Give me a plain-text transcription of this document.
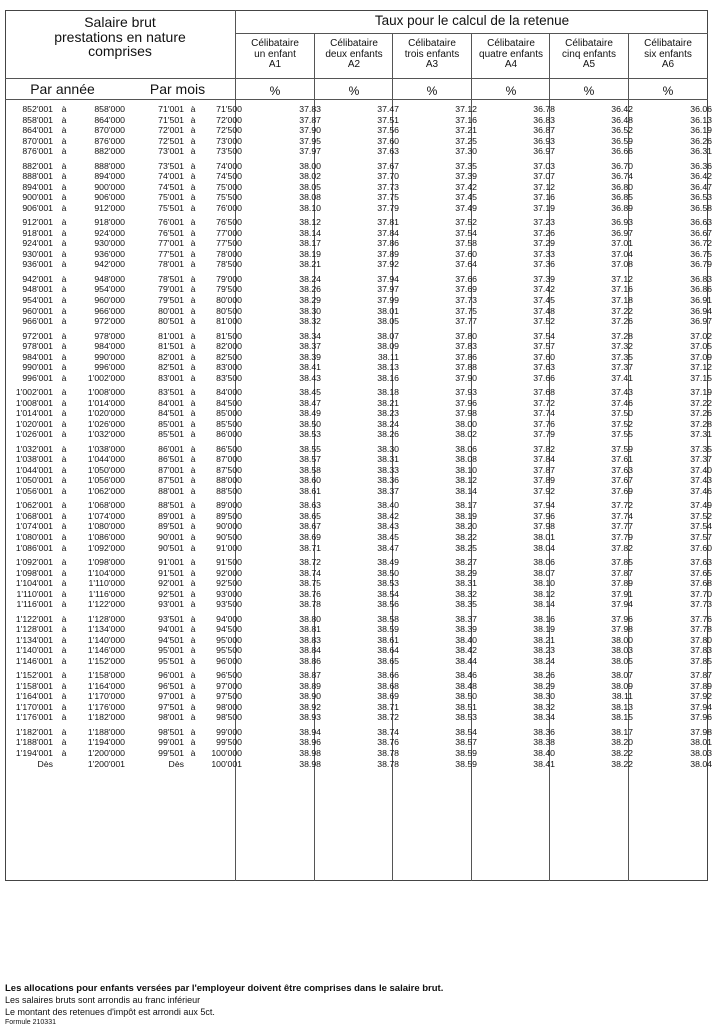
Salaire brut
prestations en nature
comprises
Taux pour le calcul de la retenue
Par année	Par mois
Célibataire
un enfant
A1
%
Célibataire
deux enfants
A2
%
Célibataire
trois enfants
A3
%
Célibataire
quatre enfants
A4
%
Célibataire
cinq enfants
A5
%
Célibataire
six enfants
A6
%
852'001	à	858'000		71'001	à	71'500		37.83	37.47	37.12	36.78	36.42	36.06
858'001	à	864'000		71'501	à	72'000		37.87	37.51	37.16	36.83	36.48	36.13
864'001	à	870'000		72'001	à	72'500		37.90	37.56	37.21	36.87	36.52	36.19
870'001	à	876'000		72'501	à	73'000		37.95	37.60	37.25	36.93	36.59	36.26
876'001	à	882'000		73'001	à	73'500		37.97	37.63	37.30	36.97	36.66	36.31

882'001	à	888'000		73'501	à	74'000		38.00	37.67	37.35	37.03	36.70	36.36
888'001	à	894'000		74'001	à	74'500		38.02	37.70	37.39	37.07	36.74	36.42
894'001	à	900'000		74'501	à	75'000		38.05	37.73	37.42	37.12	36.80	36.47
900'001	à	906'000		75'001	à	75'500		38.08	37.75	37.45	37.16	36.85	36.53
906'001	à	912'000		75'501	à	76'000		38.10	37.79	37.49	37.19	36.89	36.58

912'001	à	918'000		76'001	à	76'500		38.12	37.81	37.52	37.23	36.93	36.63
918'001	à	924'000		76'501	à	77'000		38.14	37.84	37.54	37.26	36.97	36.67
924'001	à	930'000		77'001	à	77'500		38.17	37.86	37.58	37.29	37.01	36.72
930'001	à	936'000		77'501	à	78'000		38.19	37.89	37.60	37.33	37.04	36.75
936'001	à	942'000		78'001	à	78'500		38.21	37.92	37.64	37.36	37.08	36.79

942'001	à	948'000		78'501	à	79'000		38.24	37.94	37.66	37.39	37.12	36.83
948'001	à	954'000		79'001	à	79'500		38.26	37.97	37.69	37.42	37.16	36.86
954'001	à	960'000		79'501	à	80'000		38.29	37.99	37.73	37.45	37.18	36.91
960'001	à	966'000		80'001	à	80'500		38.30	38.01	37.75	37.48	37.22	36.94
966'001	à	972'000		80'501	à	81'000		38.32	38.05	37.77	37.52	37.26	36.97

972'001	à	978'000		81'001	à	81'500		38.34	38.07	37.80	37.54	37.28	37.02
978'001	à	984'000		81'501	à	82'000		38.37	38.09	37.83	37.57	37.32	37.05
984'001	à	990'000		82'001	à	82'500		38.39	38.11	37.86	37.60	37.35	37.09
990'001	à	996'000		82'501	à	83'000		38.41	38.13	37.88	37.63	37.37	37.12
996'001	à	1'002'000		83'001	à	83'500		38.43	38.16	37.90	37.66	37.41	37.15

1'002'001	à	1'008'000		83'501	à	84'000		38.45	38.18	37.93	37.68	37.43	37.19
1'008'001	à	1'014'000		84'001	à	84'500		38.47	38.21	37.96	37.72	37.46	37.22
1'014'001	à	1'020'000		84'501	à	85'000		38.49	38.23	37.98	37.74	37.50	37.26
1'020'001	à	1'026'000		85'001	à	85'500		38.50	38.24	38.00	37.76	37.52	37.28
1'026'001	à	1'032'000		85'501	à	86'000		38.53	38.26	38.02	37.79	37.55	37.31

1'032'001	à	1'038'000		86'001	à	86'500		38.55	38.30	38.06	37.82	37.59	37.35
1'038'001	à	1'044'000		86'501	à	87'000		38.57	38.31	38.08	37.84	37.61	37.37
1'044'001	à	1'050'000		87'001	à	87'500		38.58	38.33	38.10	37.87	37.63	37.40
1'050'001	à	1'056'000		87'501	à	88'000		38.60	38.36	38.12	37.89	37.67	37.43
1'056'001	à	1'062'000		88'001	à	88'500		38.61	38.37	38.14	37.92	37.69	37.46

1'062'001	à	1'068'000		88'501	à	89'000		38.63	38.40	38.17	37.94	37.72	37.49
1'068'001	à	1'074'000		89'001	à	89'500		38.65	38.42	38.19	37.96	37.74	37.52
1'074'001	à	1'080'000		89'501	à	90'000		38.67	38.43	38.20	37.98	37.77	37.54
1'080'001	à	1'086'000		90'001	à	90'500		38.69	38.45	38.22	38.01	37.79	37.57
1'086'001	à	1'092'000		90'501	à	91'000		38.71	38.47	38.25	38.04	37.82	37.60

1'092'001	à	1'098'000		91'001	à	91'500		38.72	38.49	38.27	38.06	37.85	37.63
1'098'001	à	1'104'000		91'501	à	92'000		38.74	38.50	38.29	38.07	37.87	37.65
1'104'001	à	1'110'000		92'001	à	92'500		38.75	38.53	38.31	38.10	37.89	37.68
1'110'001	à	1'116'000		92'501	à	93'000		38.76	38.54	38.32	38.12	37.91	37.70
1'116'001	à	1'122'000		93'001	à	93'500		38.78	38.56	38.35	38.14	37.94	37.73

1'122'001	à	1'128'000		93'501	à	94'000		38.80	38.58	38.37	38.16	37.96	37.76
1'128'001	à	1'134'000		94'001	à	94'500		38.81	38.59	38.39	38.19	37.98	37.78
1'134'001	à	1'140'000		94'501	à	95'000		38.83	38.61	38.40	38.21	38.00	37.80
1'140'001	à	1'146'000		95'001	à	95'500		38.84	38.64	38.42	38.23	38.03	37.83
1'146'001	à	1'152'000		95'501	à	96'000		38.86	38.65	38.44	38.24	38.05	37.85

1'152'001	à	1'158'000		96'001	à	96'500		38.87	38.66	38.46	38.26	38.07	37.87
1'158'001	à	1'164'000		96'501	à	97'000		38.89	38.68	38.48	38.29	38.09	37.89
1'164'001	à	1'170'000		97'001	à	97'500		38.90	38.69	38.50	38.30	38.11	37.92
1'170'001	à	1'176'000		97'501	à	98'000		38.92	38.71	38.51	38.32	38.13	37.94
1'176'001	à	1'182'000		98'001	à	98'500		38.93	38.72	38.53	38.34	38.15	37.96

1'182'001	à	1'188'000		98'501	à	99'000		38.94	38.74	38.54	38.36	38.17	37.98
1'188'001	à	1'194'000		99'001	à	99'500		38.96	38.76	38.57	38.38	38.20	38.01
1'194'001	à	1'200'000		99'501	à	100'000		38.98	38.78	38.59	38.40	38.22	38.03
Dès		1'200'001		Dès		100'001		38.98	38.78	38.59	38.41	38.22	38.04
Les allocations pour enfants versées par l'employeur doivent être comprises dans le salaire brut.
Les salaires bruts sont arrondis au franc inférieur
Le montant des retenues d'impôt est arrondi aux 5ct.
Formule 210331
